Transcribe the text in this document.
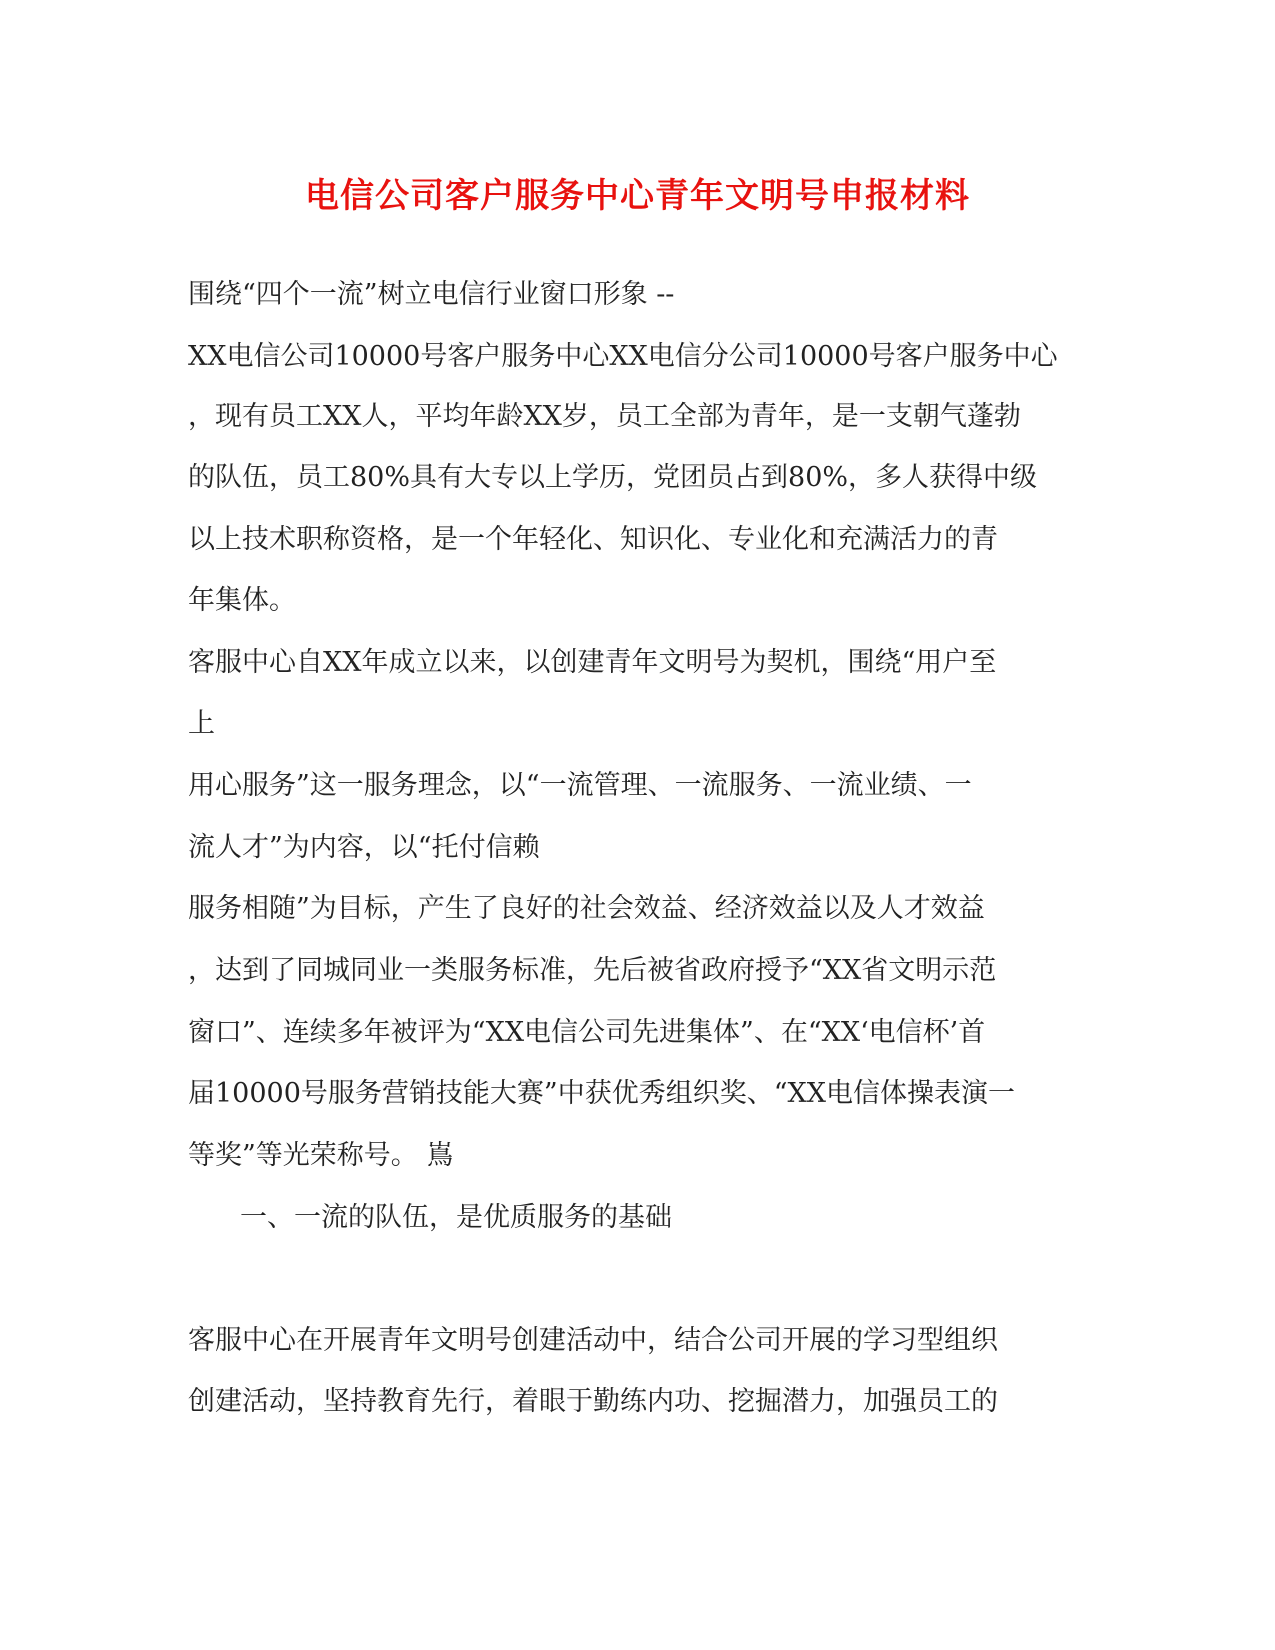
电信公司客户服务中心青年文明号申报材料
围绕“四个一流”树立电信行业窗口形象 --
XX电信公司10000号客户服务中心XX电信分公司10000号客户服务中心
，现有员工XX人，平均年龄XX岁，员工全部为青年，是一支朝气蓬勃
的队伍，员工80%具有大专以上学历，党团员占到80%，多人获得中级
以上技术职称资格，是一个年轻化、知识化、专业化和充满活力的青
年集体。
客服中心自XX年成立以来，以创建青年文明号为契机，围绕“用户至
上
用心服务”这一服务理念，以“一流管理、一流服务、一流业绩、一
流人才”为内容，以“托付信赖
服务相随”为目标，产生了良好的社会效益、经济效益以及人才效益
，达到了同城同业一类服务标准，先后被省政府授予“XX省文明示范
窗口”、连续多年被评为“XX电信公司先进集体”、在“XX‘电信杯’首
届10000号服务营销技能大赛”中获优秀组织奖、“XX电信体操表演一
等奖”等光荣称号。 嶌
一、一流的队伍，是优质服务的基础
客服中心在开展青年文明号创建活动中，结合公司开展的学习型组织
创建活动，坚持教育先行，着眼于勤练内功、挖掘潜力，加强员工的
